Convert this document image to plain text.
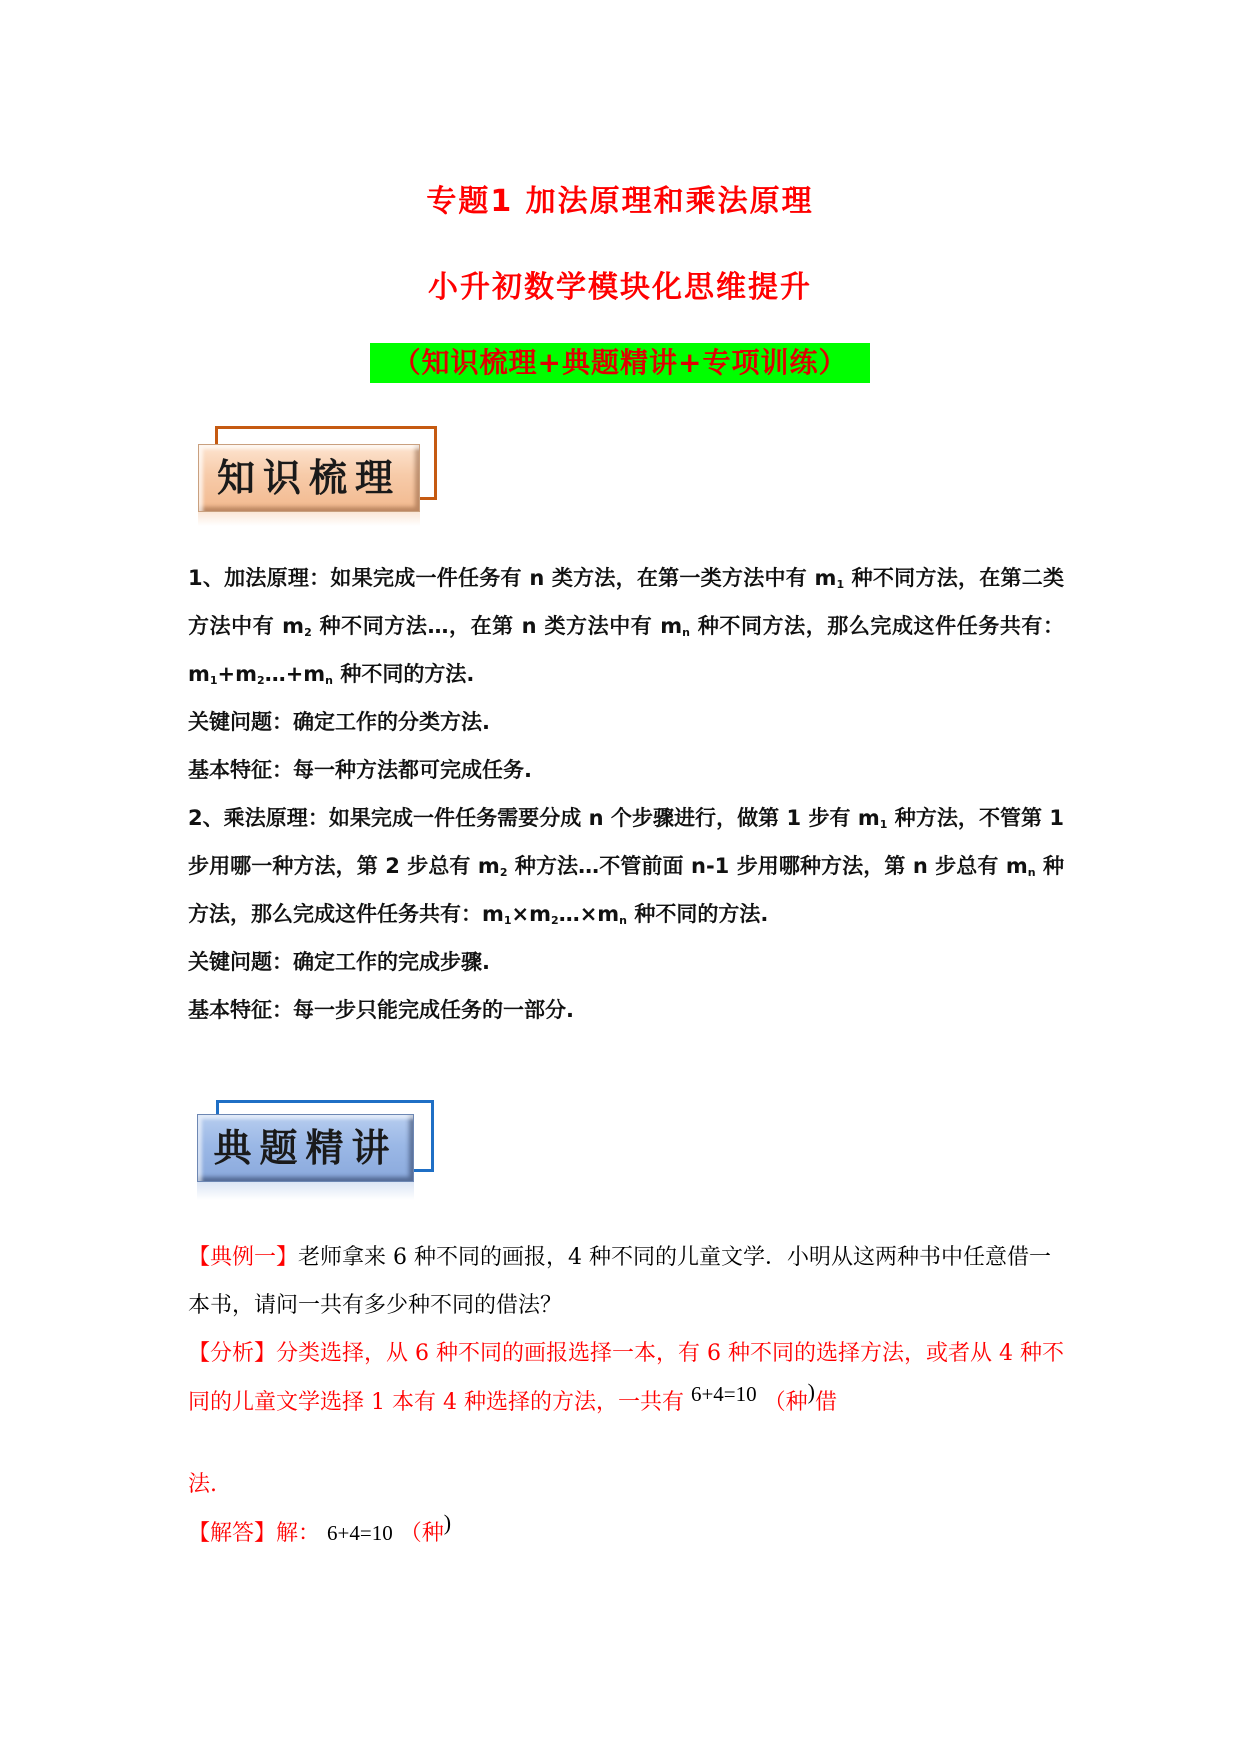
专题1 加法原理和乘法原理
小升初数学模块化思维提升
（知识梳理+典题精讲+专项训练）
知识梳理

1、加法原理：如果完成一件任务有 n 类方法，在第一类方法中有 $m_1$ 种不同方法，在第二类方法中有 $m_2$ 种不同方法…，在第 n 类方法中有 $m_n$ 种不同方法，那么完成这件任务共有：$m_1+m_2\dots+m_n$ 种不同的方法.

关键问题：确定工作的分类方法.

基本特征：每一种方法都可完成任务.

2、乘法原理：如果完成一件任务需要分成 n 个步骤进行，做第 1 步有 $m_1$ 种方法，不管第 1 步用哪一种方法，第 2 步总有 $m_2$ 种方法…不管前面 n-1 步用哪种方法，第 n 步总有 $m_n$ 种方法，那么完成这件任务共有：$m_1\times m_2\dots\times m_n$ 种不同的方法.

关键问题：确定工作的完成步骤.

基本特征：每一步只能完成任务的一部分.

典题精讲

【典例一】老师拿来 6 种不同的画报，4 种不同的儿童文学．小明从这两种书中任意借一本书，请问一共有多少种不同的借法？

【分析】分类选择，从 6 种不同的画报选择一本，有 6 种不同的选择方法，或者从 4 种不同的儿童文学选择 1 本有 4 种选择的方法，一共有 6+4=10 （种)借

法.

【解答】解： 6+4=10 （种)
